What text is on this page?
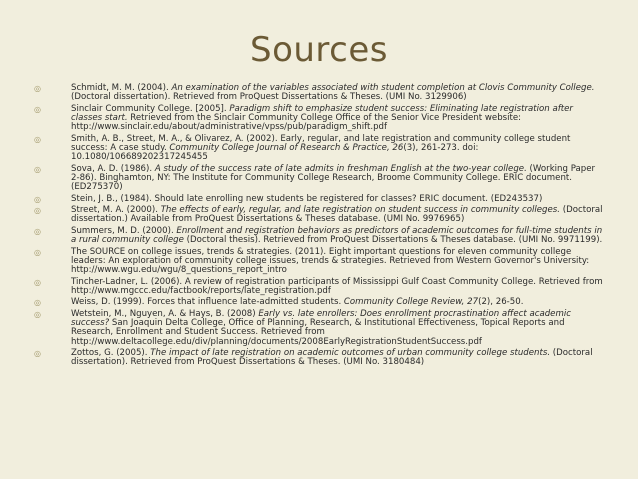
Sources
◎
Schmidt, M. M. (2004). An examination of the variables associated with student completion at Clovis Community College. (Doctoral dissertation). Retrieved from ProQuest Dissertations & Theses. (UMI No. 3129906)
◎
Sinclair Community College. [2005]. Paradigm shift to emphasize student success: Eliminating late registration after classes start. Retrieved from the Sinclair Community College Office of the Senior Vice President website: http://www.sinclair.edu/about/administrative/vpss/pub/paradigm_shift.pdf
◎
Smith, A. B., Street, M. A., & Olivarez, A. (2002). Early, regular, and late registration and community college student success: A case study. Community College Journal of Research & Practice, 26(3), 261-273. doi: 10.1080/106689202317245455
◎
Sova, A. D. (1986). A study of the success rate of late admits in freshman English at the two-year college. (Working Paper 2-86). Binghamton, NY: The Institute for Community College Research, Broome Community College. ERIC document. (ED275370)
◎
Stein, J. B., (1984). Should late enrolling new students be registered for classes? ERIC document. (ED243537)
◎
Street, M. A. (2000). The effects of early, regular, and late registration on student success in community colleges. (Doctoral dissertation.) Available from ProQuest Dissertations & Theses database. (UMI No. 9976965)
◎
Summers, M. D. (2000). Enrollment and registration behaviors as predictors of academic outcomes for full-time students in a rural community college (Doctoral thesis). Retrieved from ProQuest Dissertations & Theses database. (UMI No. 9971199).
◎
The SOURCE on college issues, trends & strategies. (2011). Eight important questions for eleven community college leaders: An exploration of community college issues, trends & strategies. Retrieved from Western Governor's University: http://www.wgu.edu/wgu/8_questions_report_intro
◎
Tincher-Ladner, L. (2006). A review of registration participants of Mississippi Gulf Coast Community College. Retrieved from http://www.mgccc.edu/factbook/reports/late_registration.pdf
◎
Weiss, D. (1999). Forces that influence late-admitted students. Community College Review, 27(2), 26-50.
◎
Wetstein, M., Nguyen, A. & Hays, B. (2008) Early vs. late enrollers: Does enrollment procrastination affect academic success? San Joaquin Delta College, Office of Planning, Research, & Institutional Effectiveness, Topical Reports and Research, Enrollment and Student Success. Retrieved from http://www.deltacollege.edu/div/planning/documents/2008EarlyRegistrationStudentSuccess.pdf
◎
Zottos, G. (2005). The impact of late registration on academic outcomes of urban community college students. (Doctoral dissertation). Retrieved from ProQuest Dissertations & Theses. (UMI No. 3180484)
